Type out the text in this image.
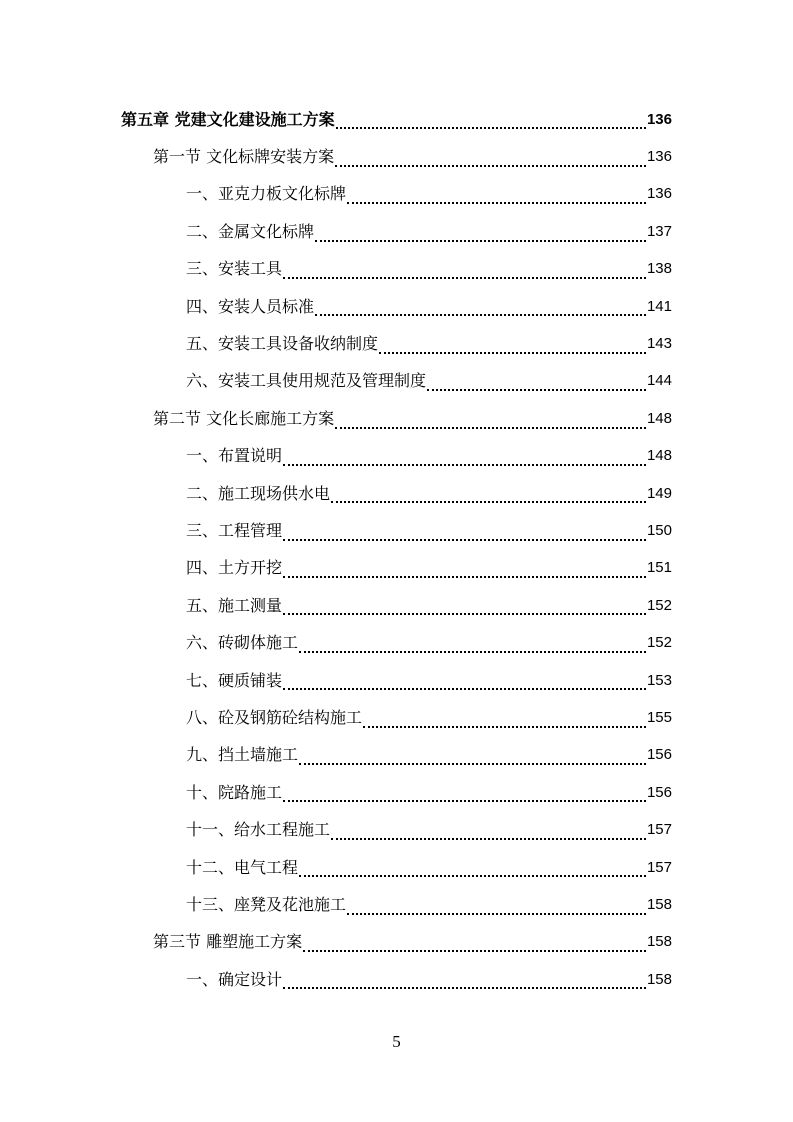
第五章 党建文化建设施工方案	136
第一节 文化标牌安装方案	136
一、亚克力板文化标牌	136
二、金属文化标牌	137
三、安装工具	138
四、安装人员标准	141
五、安装工具设备收纳制度	143
六、安装工具使用规范及管理制度	144
第二节 文化长廊施工方案	148
一、布置说明	148
二、施工现场供水电	149
三、工程管理	150
四、土方开挖	151
五、施工测量	152
六、砖砌体施工	152
七、硬质铺装	153
八、砼及钢筋砼结构施工	155
九、挡土墙施工	156
十、院路施工	156
十一、给水工程施工	157
十二、电气工程	157
十三、座凳及花池施工	158
第三节 雕塑施工方案	158
一、确定设计	158
5
